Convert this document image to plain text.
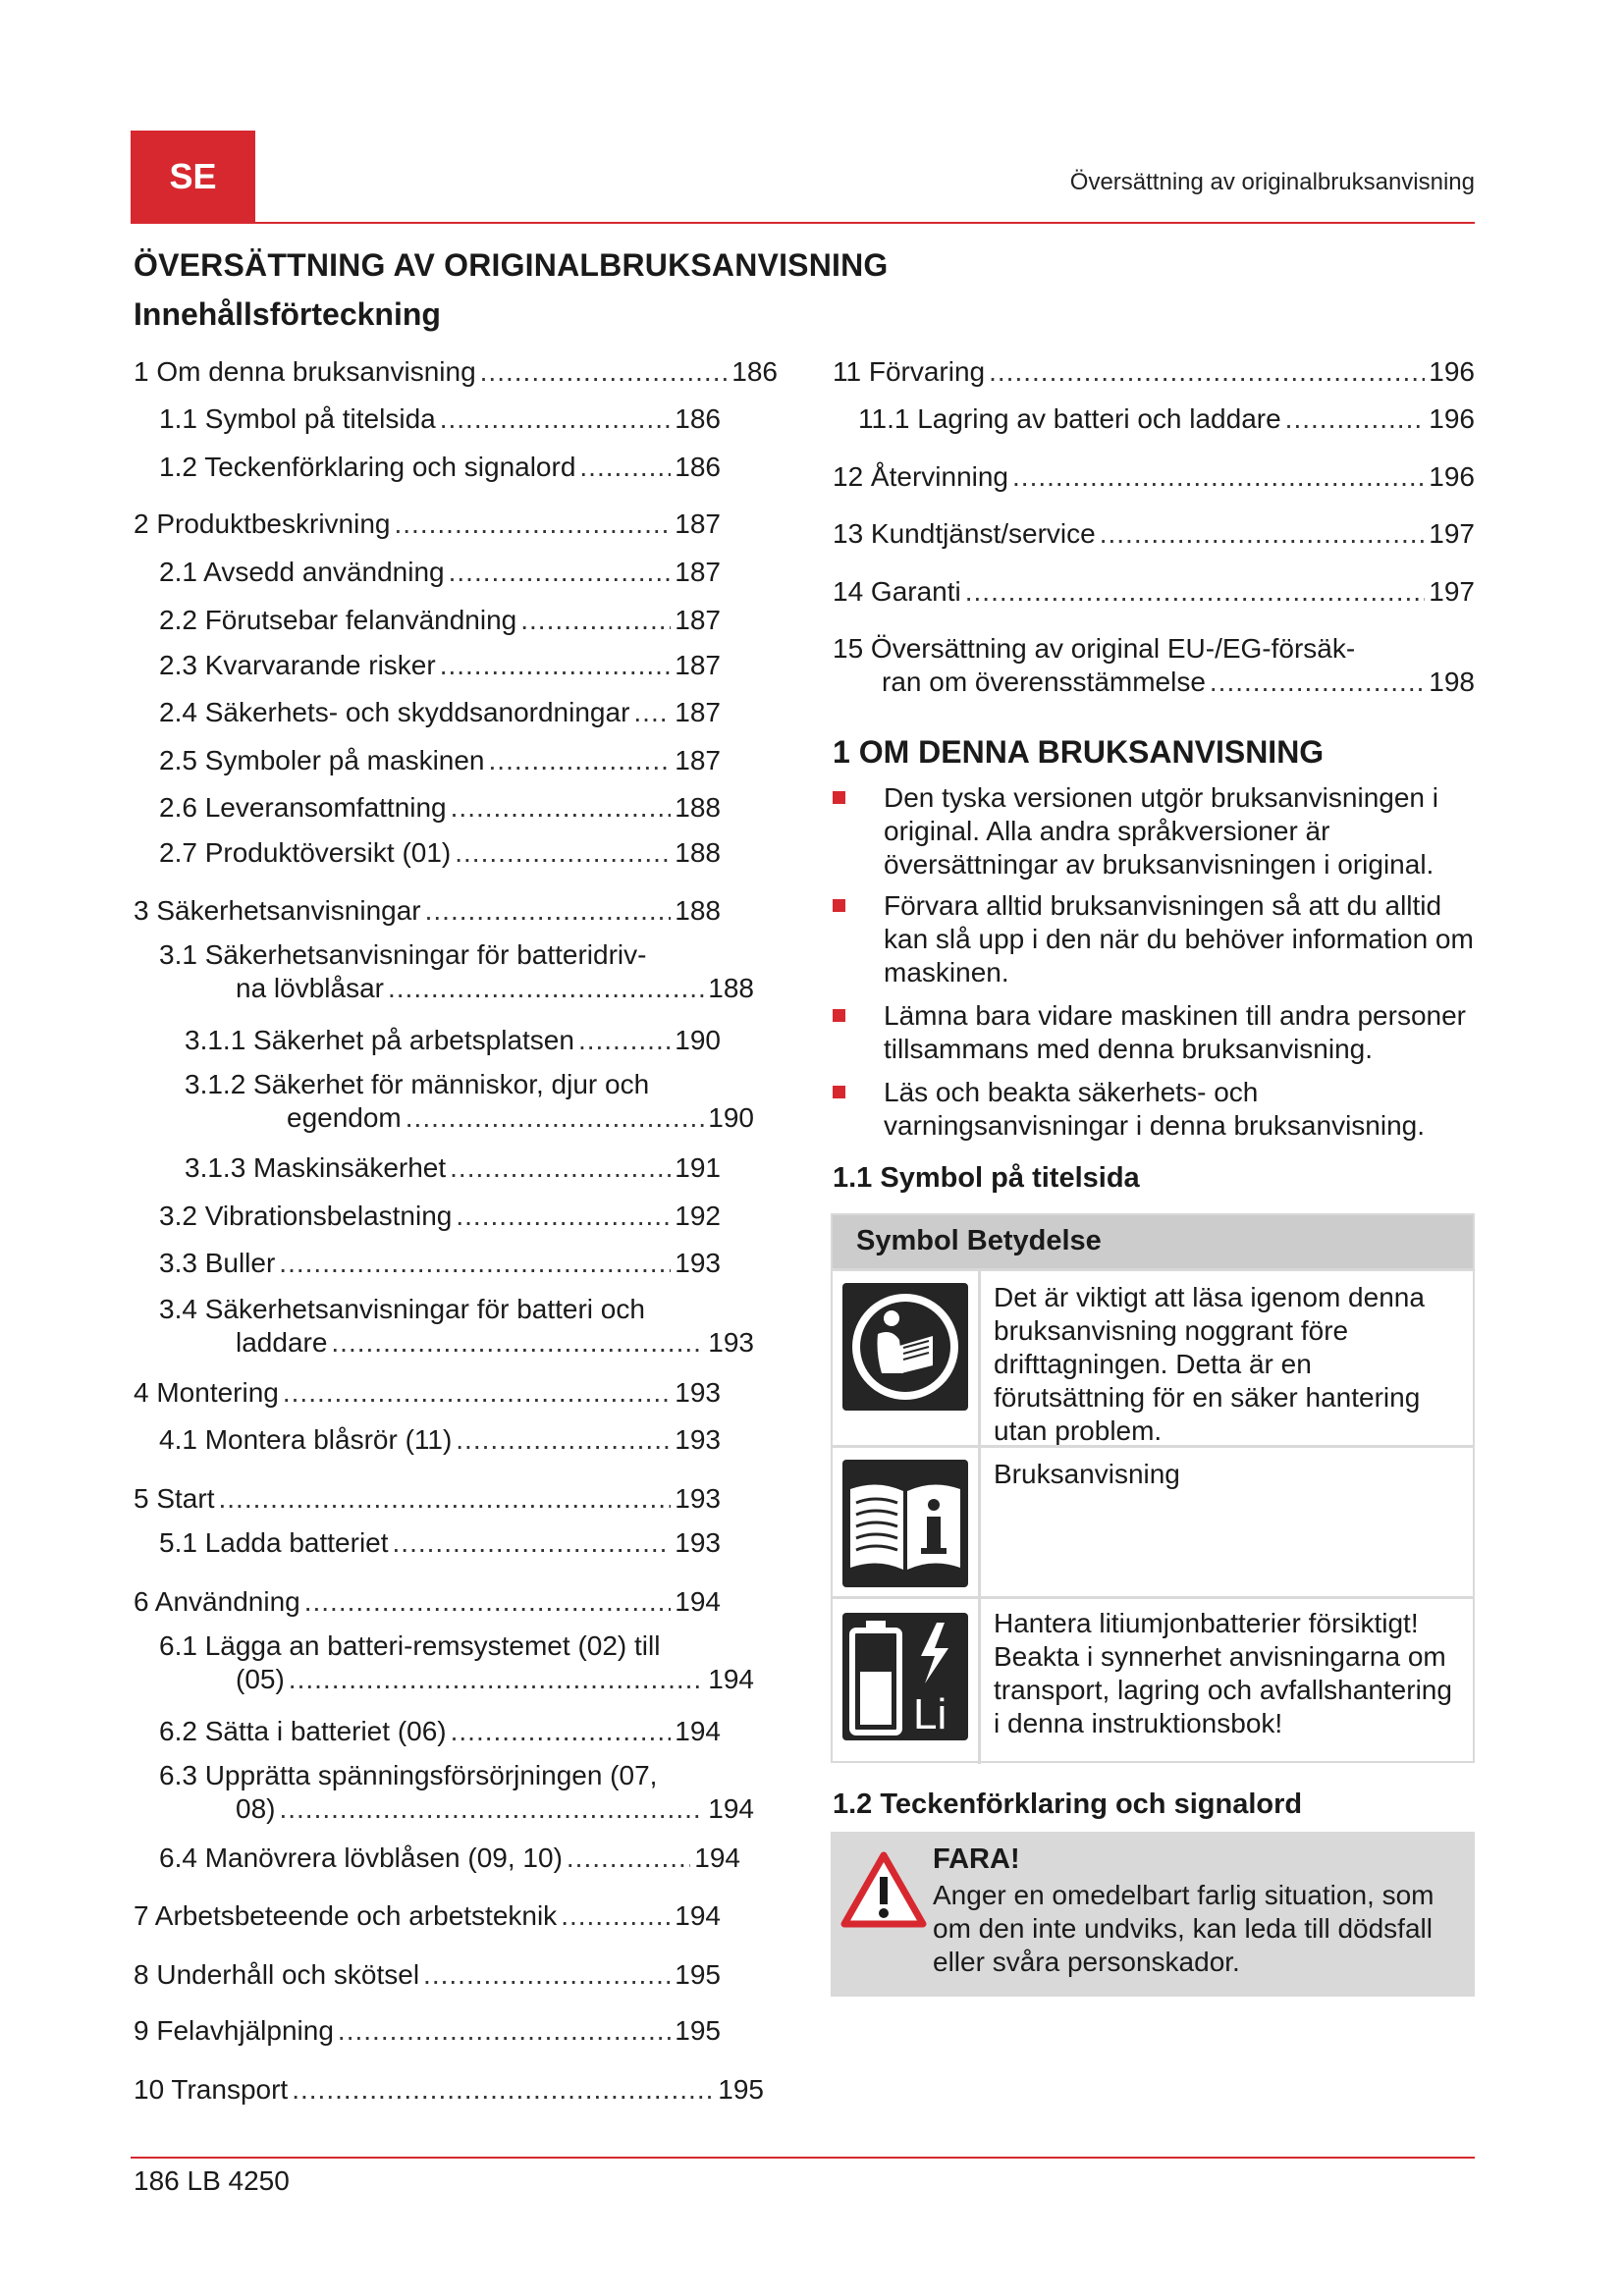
SE	Översättning av originalbruksanvisning
ÖVERSÄTTNING AV ORIGINALBRUKSANVISNING
Innehållsförteckning
1 Om denna bruksanvisning .....	186
1.1 Symbol på titelsida .....	186
1.2 Teckenförklaring och signalord .....	186
2 Produktbeskrivning .....	187
2.1 Avsedd användning .....	187
2.2 Förutsebar felanvändning .....	187
2.3 Kvarvarande risker .....	187
2.4 Säkerhets- och skyddsanordningar ..... 187
2.5 Symboler på maskinen .....	187
2.6 Leveransomfattning .....	188
2.7 Produktöversikt (01) .....	188
3 Säkerhetsanvisningar .....	188
3.1 Säkerhetsanvisningar för batteridriv-
na lövblåsar .....	188
3.1.1 Säkerhet på arbetsplatsen .....	190
3.1.2 Säkerhet för människor, djur och
egendom .....	190
3.1.3 Maskinsäkerhet .....	191
3.2 Vibrationsbelastning .....	192
3.3 Buller .....	193
3.4 Säkerhetsanvisningar för batteri och
laddare .....	193
4 Montering .....	193
4.1 Montera blåsrör (11) .....	193
5 Start .....	193
5.1 Ladda batteriet .....	193
6 Användning .....	194
6.1 Lägga an batteri-remsystemet (02) till
(05) .....	194
6.2 Sätta i batteriet (06) .....	194
6.3 Upprätta spänningsförsörjningen (07,
08) .....	194
6.4 Manövrera lövblåsen (09, 10) .....	194
7 Arbetsbeteende och arbetsteknik .....	194
8 Underhåll och skötsel .....	195
9 Felavhjälpning .....	195
10 Transport .....	195
11 Förvaring .....	196
11.1 Lagring av batteri och laddare .....	196
12 Återvinning .....	196
13 Kundtjänst/service .....	197
14 Garanti .....	197
15 Översättning av original EU-/EG-försäk-
ran om överensstämmelse .....	198
1 OM DENNA BRUKSANVISNING
Den tyska versionen utgör bruksanvisningen i original. Alla andra språkversioner är översättningar av bruksanvisningen i original.
Förvara alltid bruksanvisningen så att du alltid kan slå upp i den när du behöver information om maskinen.
Lämna bara vidare maskinen till andra personer tillsammans med denna bruksanvisning.
Läs och beakta säkerhets- och varningsanvisningar i denna bruksanvisning.
1.1 Symbol på titelsida
Symbol Betydelse
Det är viktigt att läsa igenom denna bruksanvisning noggrant före drifttagningen. Detta är en förutsättning för en säker hantering utan problem.
Bruksanvisning
Li
Hantera litiumjonbatterier försiktigt! Beakta i synnerhet anvisningarna om transport, lagring och avfallshantering i denna instruktionsbok!
1.2 Teckenförklaring och signalord
FARA!
Anger en omedelbart farlig situation, som om den inte undviks, kan leda till dödsfall eller svåra personskador.
186 LB 4250
